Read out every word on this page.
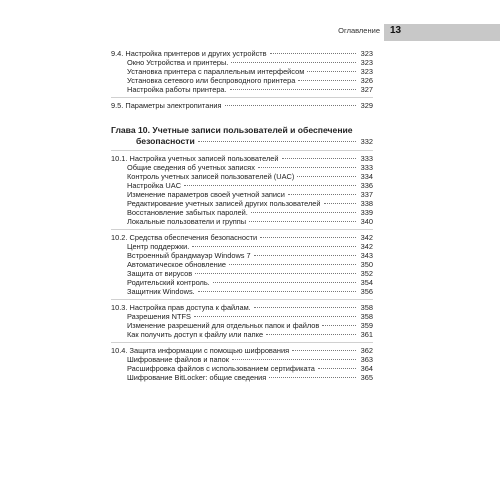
Оглавление 13
9.4. Настройка принтеров и других устройств	323
Окно Устройства и принтеры.	323
Установка принтера с параллельным интерфейсом	323
Установка сетевого или беспроводного принтера	326
Настройка работы принтера.	327
9.5. Параметры электропитания	329
Глава 10. Учетные записи пользователей и обеспечение
безопасности	332
10.1. Настройка учетных записей пользователей	333
Общие сведения об учетных записях	333
Контроль учетных записей пользователей (UAC)	334
Настройка UAC	336
Изменение параметров своей учетной записи	337
Редактирование учетных записей других пользователей	338
Восстановление забытых паролей.	339
Локальные пользователи и группы	340
10.2. Средства обеспечения безопасности	342
Центр поддержки.	342
Встроенный брандмауэр Windows 7	343
Автоматическое обновление	350
Защита от вирусов	352
Родительский контроль.	354
Защитник Windows.	356
10.3. Настройка прав доступа к файлам.	358
Разрешения NTFS	358
Изменение разрешений для отдельных папок и файлов	359
Как получить доступ к файлу или папке	361
10.4. Защита информации с помощью шифрования	362
Шифрование файлов и папок	363
Расшифровка файлов с использованием сертификата	364
Шифрование BitLocker: общие сведения	365
